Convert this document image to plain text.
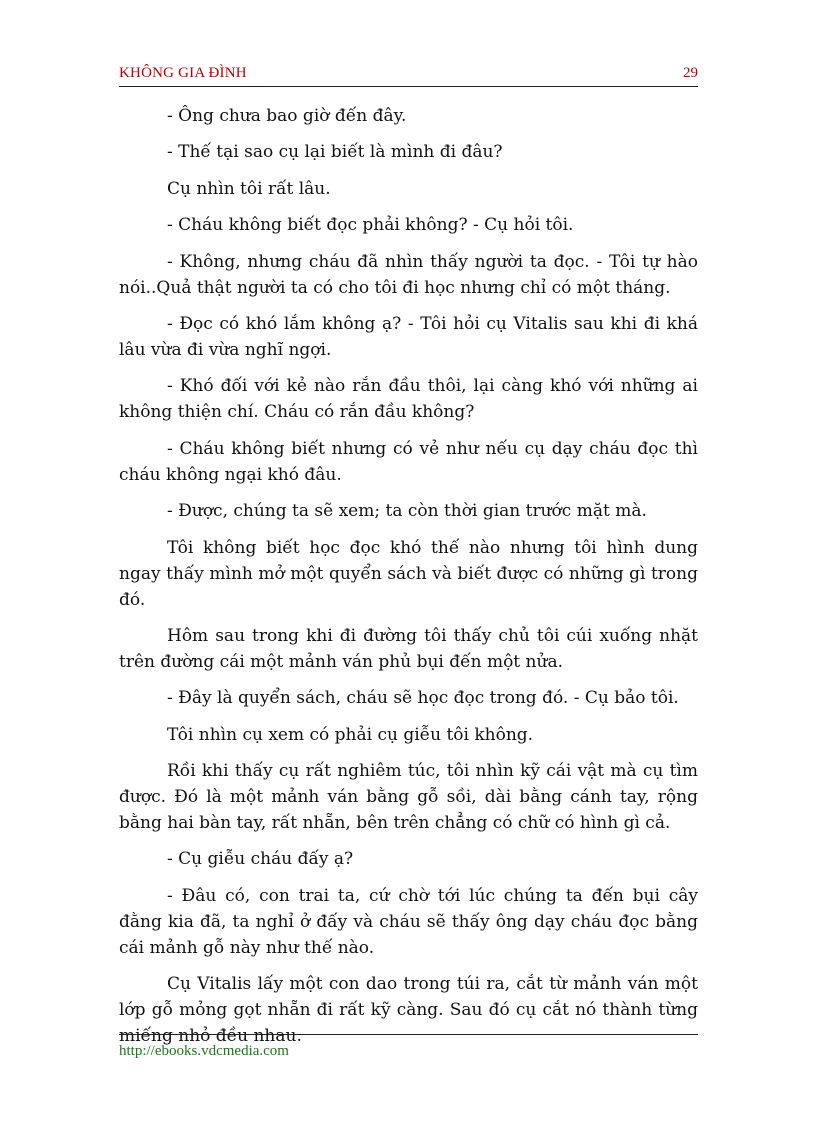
KHÔNG GIA ĐÌNH	29

- Ông chưa bao giờ đến đây.

- Thế tại sao cụ lại biết là mình đi đâu?

Cụ nhìn tôi rất lâu.

- Cháu không biết đọc phải không? - Cụ hỏi tôi.

- Không, nhưng cháu đã nhìn thấy người ta đọc. - Tôi tự hào nói..Quả thật người ta có cho tôi đi học nhưng chỉ có một tháng.

- Đọc có khó lắm không ạ? - Tôi hỏi cụ Vitalis sau khi đi khá lâu vừa đi vừa nghĩ ngợi.

- Khó đối với kẻ nào rắn đầu thôi, lại càng khó với những ai không thiện chí. Cháu có rắn đầu không?

- Cháu không biết nhưng có vẻ như nếu cụ dạy cháu đọc thì cháu không ngại khó đâu.

- Được, chúng ta sẽ xem; ta còn thời gian trước mặt mà.

Tôi không biết học đọc khó thế nào nhưng tôi hình dung ngay thấy mình mở một quyển sách và biết được có những gì trong đó.

Hôm sau trong khi đi đường tôi thấy chủ tôi cúi xuống nhặt trên đường cái một mảnh ván phủ bụi đến một nửa.

- Đây là quyển sách, cháu sẽ học đọc trong đó. - Cụ bảo tôi.

Tôi nhìn cụ xem có phải cụ giễu tôi không.

Rồi khi thấy cụ rất nghiêm túc, tôi nhìn kỹ cái vật mà cụ tìm được. Đó là một mảnh ván bằng gỗ sồi, dài bằng cánh tay, rộng bằng hai bàn tay, rất nhẵn, bên trên chẳng có chữ có hình gì cả.

- Cụ giễu cháu đấy ạ?

- Đâu có, con trai ta, cứ chờ tới lúc chúng ta đến bụi cây đằng kia đã, ta nghỉ ở đấy và cháu sẽ thấy ông dạy cháu đọc bằng cái mảnh gỗ này như thế nào.

Cụ Vitalis lấy một con dao trong túi ra, cắt từ mảnh ván một lớp gỗ mỏng gọt nhẵn đi rất kỹ càng. Sau đó cụ cắt nó thành từng miếng nhỏ đều nhau.

http://ebooks.vdcmedia.com
